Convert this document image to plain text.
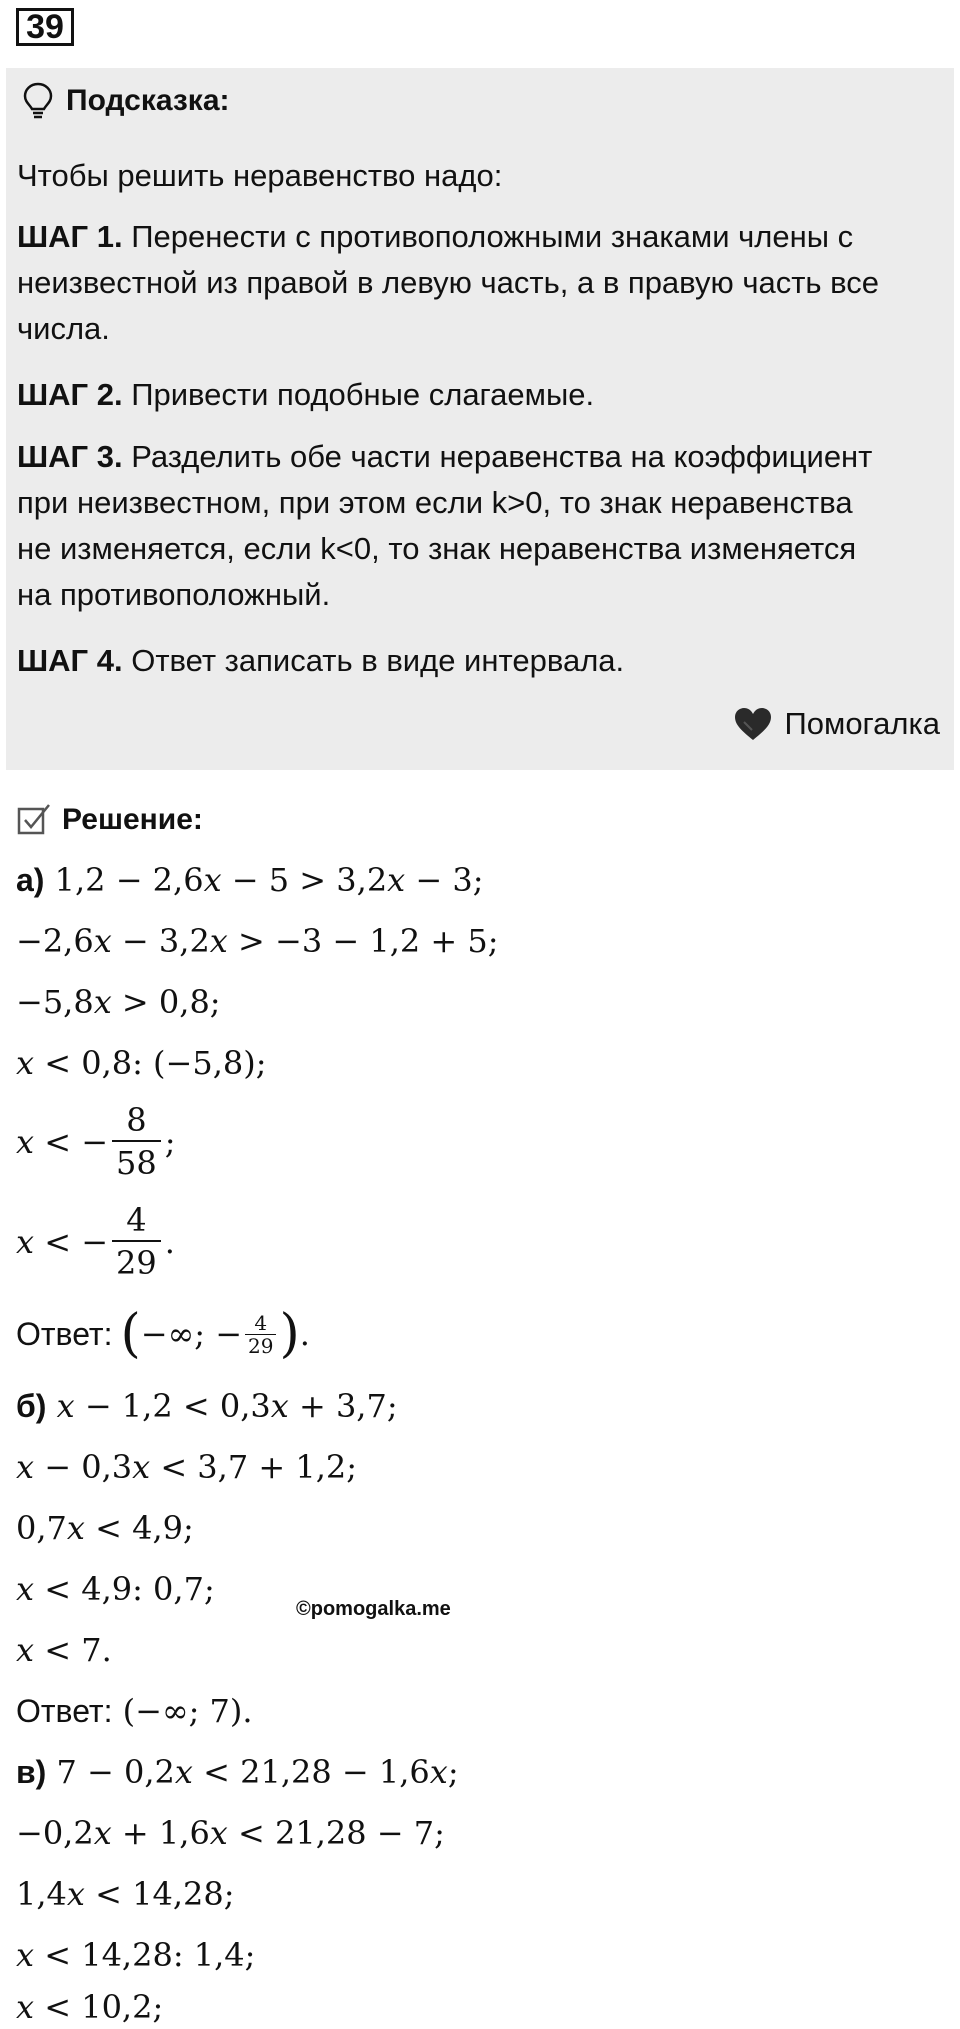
39
Подсказка:
Чтобы решить неравенство надо:
ШАГ 1. Перенести с противоположными знаками члены с
неизвестной из правой в левую часть, а в правую часть все
числа.
ШАГ 2. Привести подобные слагаемые.
ШАГ 3. Разделить обе части неравенства на коэффициент
при неизвестном, при этом если k>0, то знак неравенства
не изменяется, если k<0, то знак неравенства изменяется
на противоположный.
ШАГ 4. Ответ записать в виде интервала.
Помогалка
Решение:
а) 1,2 − 2,6𝑥 − 5 > 3,2𝑥 − 3;
−2,6𝑥 − 3,2𝑥 > −3 − 1,2 + 5;
−5,8𝑥 > 0,8;
𝑥 < 0,8: (−5,8);
𝑥 < − $\frac{8}{58}$ ;
𝑥 < − $\frac{4}{29}$ .
Ответ: ( −∞; − $\frac{4}{29}$ ) .
б) 𝑥 − 1,2 < 0,3𝑥 + 3,7;
𝑥 − 0,3𝑥 < 3,7 + 1,2;
0,7𝑥 < 4,9;
𝑥 < 4,9: 0,7;
𝑥 < 7.
Ответ: (−∞; 7).
в) 7 − 0,2𝑥 < 21,28 − 1,6𝑥;
−0,2𝑥 + 1,6𝑥 < 21,28 − 7;
1,4𝑥 < 14,28;
𝑥 < 14,28: 1,4;
𝑥 < 10,2;
©pomogalka.me
